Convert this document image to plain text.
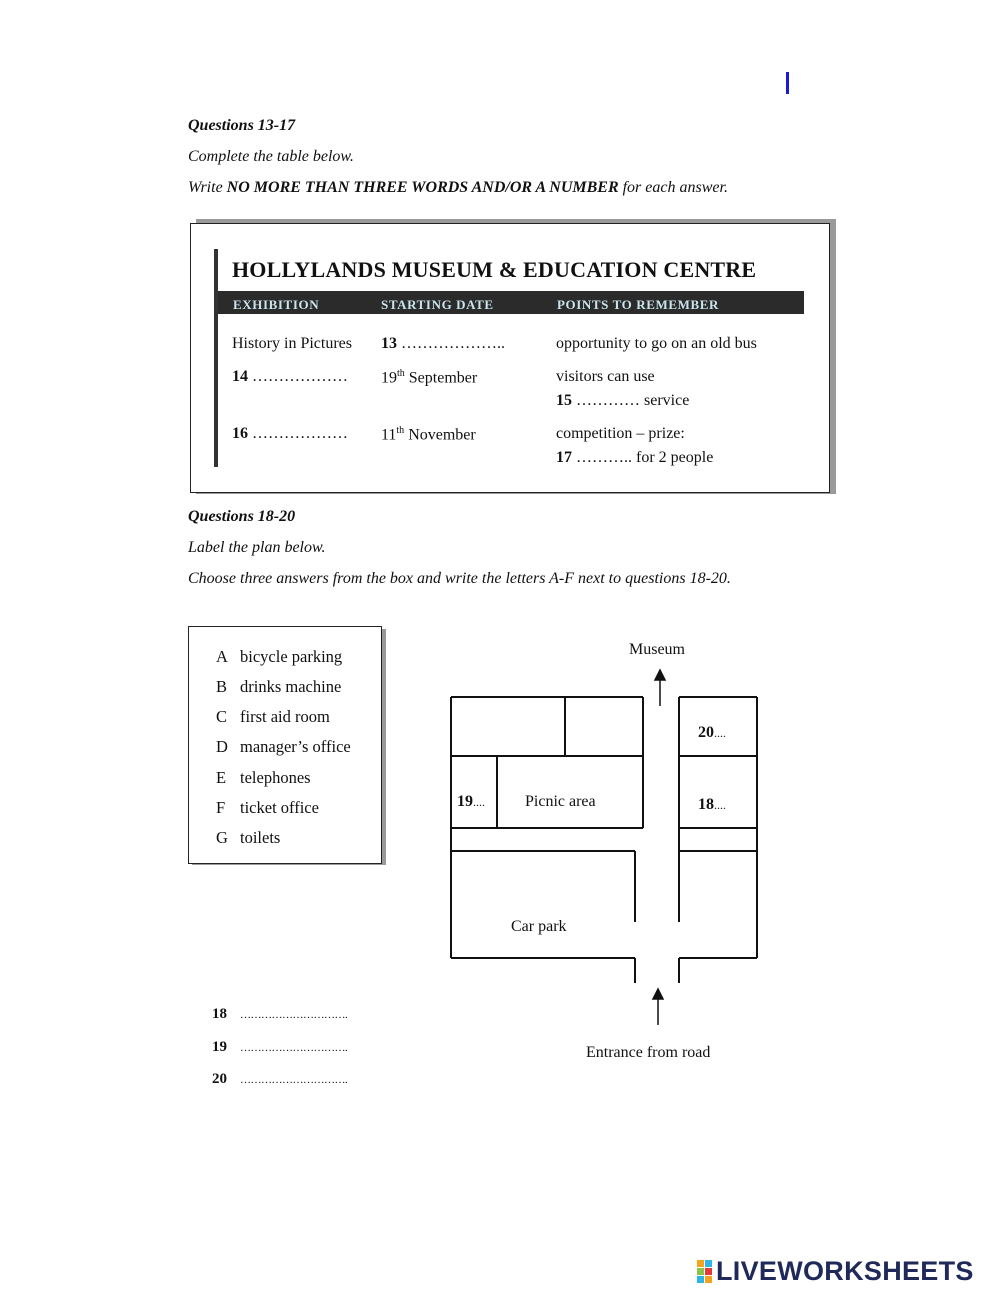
Questions 13-17
Complete the table below.
Write NO MORE THAN THREE WORDS AND/OR A NUMBER for each answer.
HOLLYLANDS MUSEUM & EDUCATION CENTRE
EXHIBITION	STARTING DATE	POINTS TO REMEMBER
History in Pictures 13 ………………..	opportunity to go on an old bus
14 ……………… 19th September	visitors can use
15 ………… service
16 ……………… 11th November	competition – prize:
17 ……….. for 2 people
Questions 18-20
Label the plan below.
Choose three answers from the box and write the letters A-F next to questions 18-20.
A bicycle parking
B drinks machine
C first aid room
D manager’s office
E telephones
F ticket office
G toilets
18 ………………………….
19 ………………………….
20 ………………………….
Museum
20....
19....	Picnic area	18....
Car park
Entrance from road
LIVEWORKSHEETS
